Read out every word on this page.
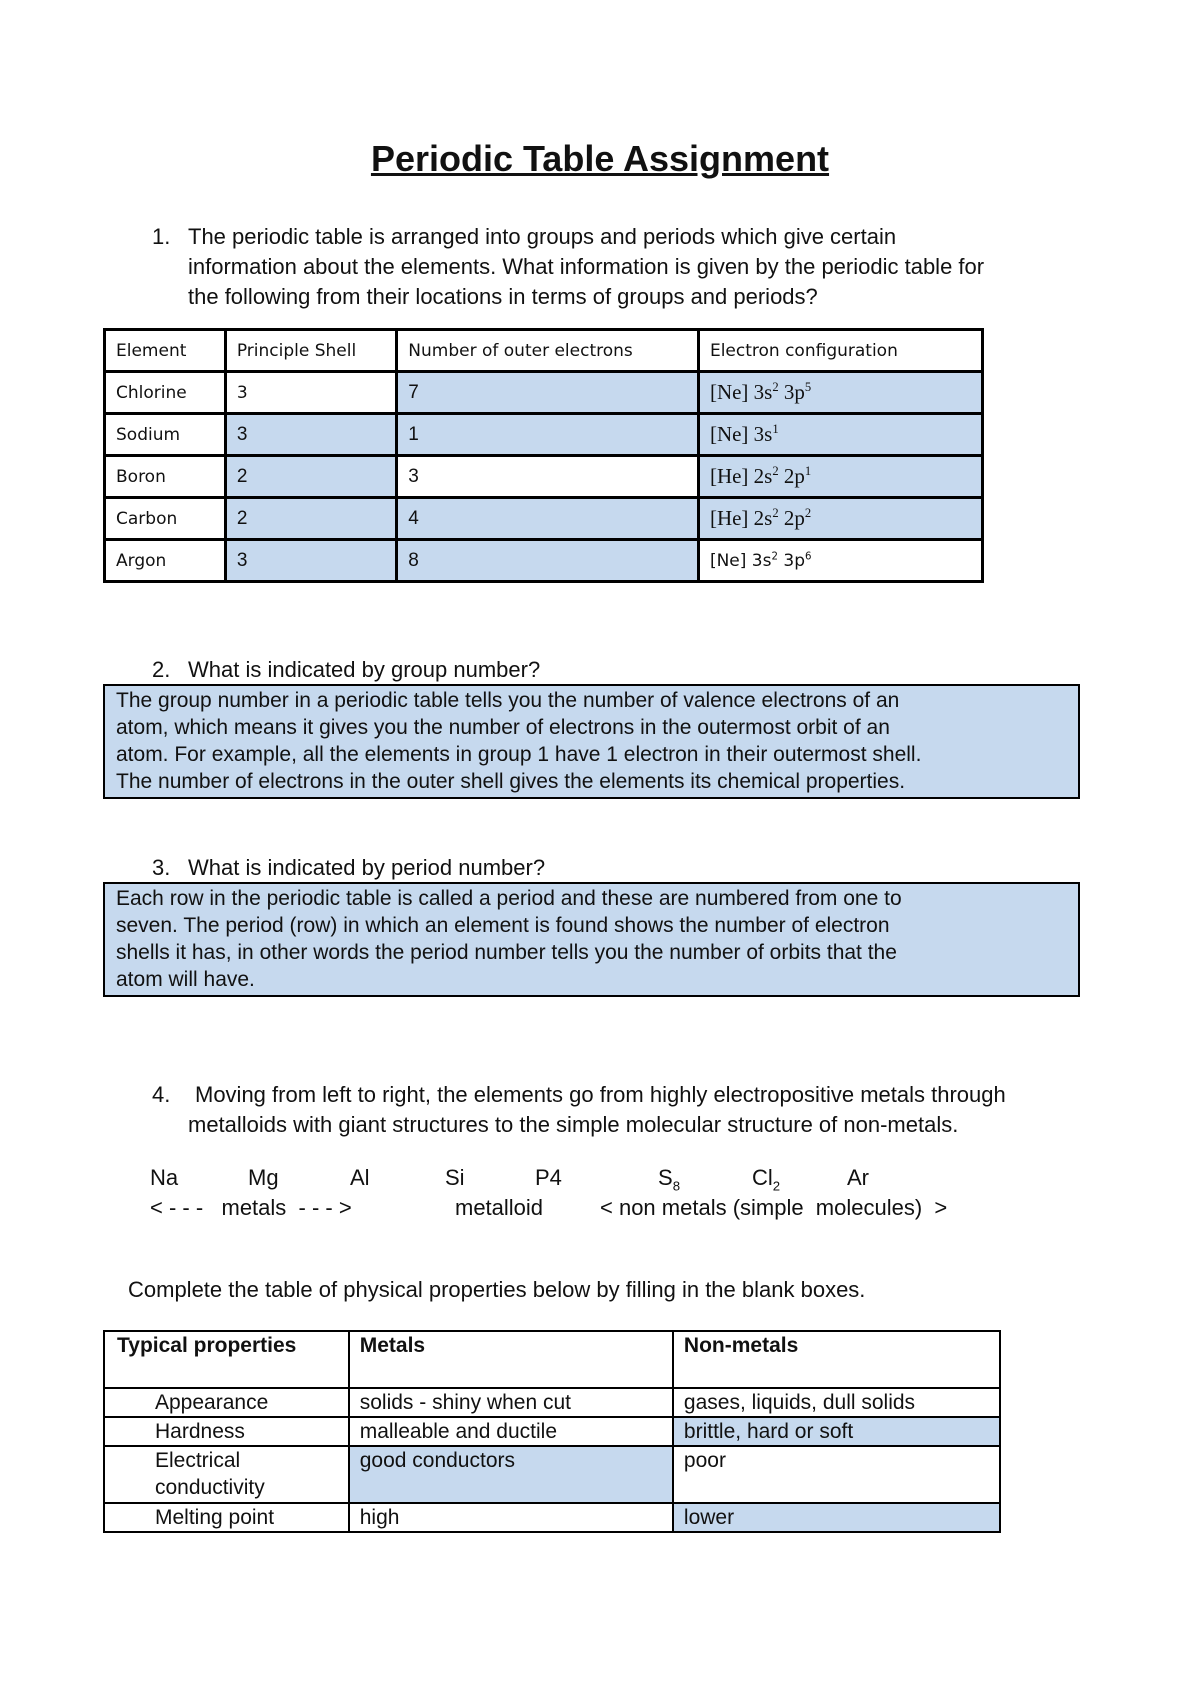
Periodic Table Assignment
1. The periodic table is arranged into groups and periods which give certain
information about the elements. What information is given by the periodic table for
the following from their locations in terms of groups and periods?
Element	Principle Shell	Number of outer electrons	Electron configuration
Chlorine	3	7	[Ne] $3s^2$ $3p^5$
Sodium	3	1	[Ne] $3s^1$
Boron	2	3	[He] $2s^2$ $2p^1$
Carbon	2	4	[He] $2s^2$ $2p^2$
Argon	3	8	[Ne] $3s^2$ $3p^6$
2. What is indicated by group number?
The group number in a periodic table tells you the number of valence electrons of an
atom, which means it gives you the number of electrons in the outermost orbit of an
atom. For example, all the elements in group 1 have 1 electron in their outermost shell.
The number of electrons in the outer shell gives the elements its chemical properties.
3. What is indicated by period number?
Each row in the periodic table is called a period and these are numbered from one to
seven. The period (row) in which an element is found shows the number of electron
shells it has, in other words the period number tells you the number of orbits that the
atom will have.
4.	Moving from left to right, the elements go from highly electropositive metals through
metalloids with giant structures to the simple molecular structure of non-metals.
Na	Mg	Al	Si	P4	$S_8$	$Cl_2$	Ar
< - - -   metals  - - - >	metalloid	< non metals (simple  molecules)  >
Complete the table of physical properties below by filling in the blank boxes.
Typical properties	Metals	Non-metals
Appearance	solids - shiny when cut	gases, liquids, dull solids
Hardness	malleable and ductile	brittle, hard or soft
Electrical conductivity	good conductors	poor
Melting point	high	lower
